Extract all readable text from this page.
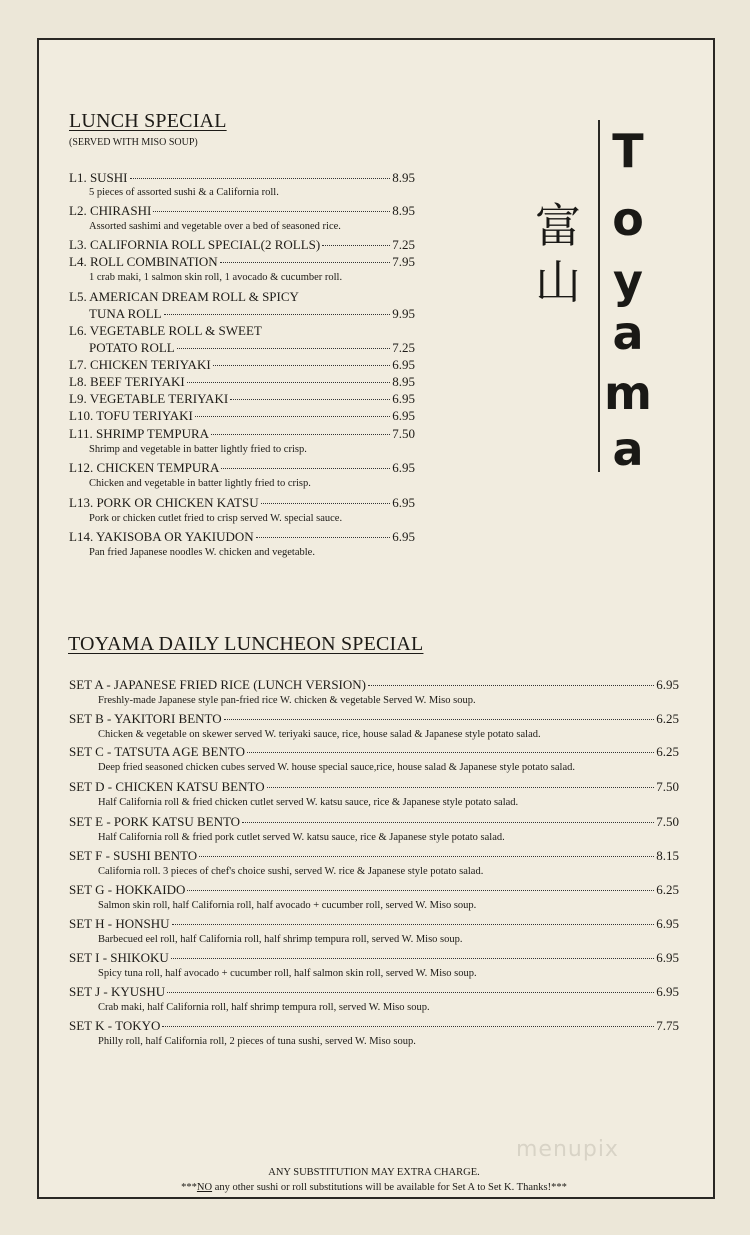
LUNCH SPECIAL
(SERVED WITH MISO SOUP)
L1. SUSHI	8.95
5 pieces of assorted sushi & a California roll.
L2. CHIRASHI	8.95
Assorted sashimi and vegetable over a bed of seasoned rice.
L3. CALIFORNIA ROLL SPECIAL(2 ROLLS)	7.25
L4. ROLL COMBINATION	7.95
1 crab maki, 1 salmon skin roll, 1 avocado & cucumber roll.
L5. AMERICAN DREAM ROLL & SPICY
TUNA ROLL	9.95
L6. VEGETABLE ROLL & SWEET
POTATO ROLL	7.25
L7. CHICKEN TERIYAKI	6.95
L8. BEEF TERIYAKI	8.95
L9. VEGETABLE TERIYAKI	6.95
L10. TOFU TERIYAKI	6.95
L11. SHRIMP TEMPURA	7.50
Shrimp and vegetable in batter lightly fried to crisp.
L12. CHICKEN TEMPURA	6.95
Chicken and vegetable in batter lightly fried to crisp.
L13. PORK OR CHICKEN KATSU	6.95
Pork or chicken cutlet fried to crisp served W. special sauce.
L14. YAKISOBA OR YAKIUDON	6.95
Pan fried Japanese noodles W. chicken and vegetable.
富
山
T
o
y
a
m
a
TOYAMA DAILY LUNCHEON SPECIAL
SET A - JAPANESE FRIED RICE (LUNCH VERSION)	6.95
Freshly-made Japanese style pan-fried rice W. chicken & vegetable Served W. Miso soup.
SET B - YAKITORI BENTO	6.25
Chicken & vegetable on skewer served W. teriyaki sauce, rice, house salad & Japanese style potato salad.
SET C - TATSUTA AGE BENTO	6.25
Deep fried seasoned chicken cubes served W. house special sauce,rice, house salad & Japanese style potato salad.
SET D - CHICKEN KATSU BENTO	7.50
Half California roll & fried chicken cutlet served W. katsu sauce, rice & Japanese style potato salad.
SET E - PORK KATSU BENTO	7.50
Half California roll & fried pork cutlet served W. katsu sauce, rice & Japanese style potato salad.
SET F - SUSHI BENTO	8.15
California roll. 3 pieces of chef's choice sushi, served W. rice & Japanese style potato salad.
SET G - HOKKAIDO	6.25
Salmon skin roll, half California roll, half avocado + cucumber roll, served W. Miso soup.
SET H - HONSHU	6.95
Barbecued eel roll, half California roll, half shrimp tempura roll, served W. Miso soup.
SET I - SHIKOKU	6.95
Spicy tuna roll, half avocado + cucumber roll, half salmon skin roll, served W. Miso soup.
SET J - KYUSHU	6.95
Crab maki, half California roll, half shrimp tempura roll, served W. Miso soup.
SET K - TOKYO	7.75
Philly roll, half California roll, 2 pieces of tuna sushi, served W. Miso soup.
menupix
ANY SUBSTITUTION MAY EXTRA CHARGE.
***NO any other sushi or roll substitutions will be available for Set A to Set K. Thanks!***
